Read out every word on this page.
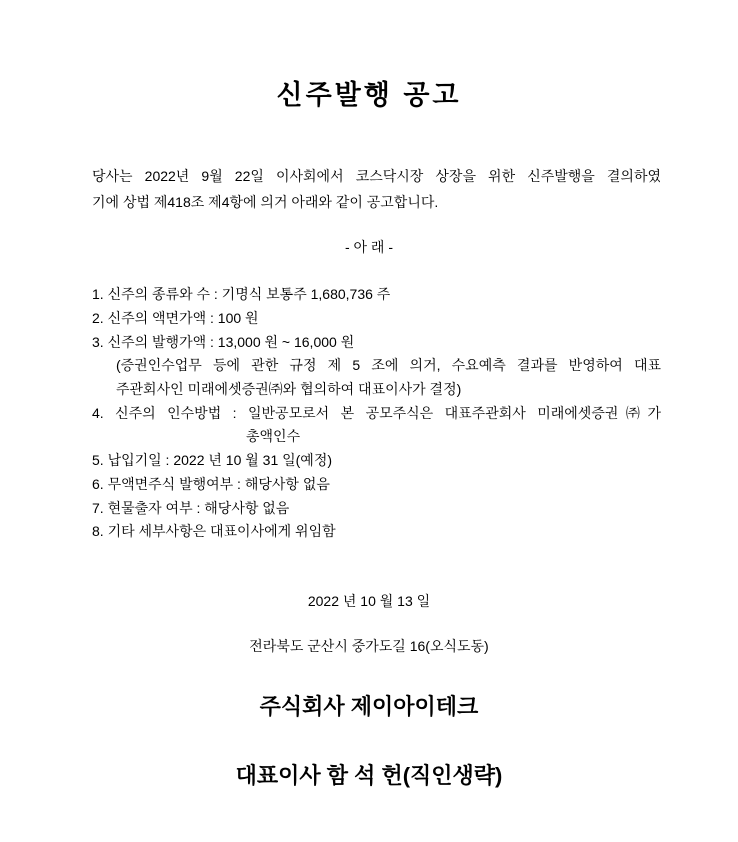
신주발행 공고
당사는 2022년 9월 22일 이사회에서 코스닥시장 상장을 위한 신주발행을 결의하였
기에 상법 제418조 제4항에 의거 아래와 같이 공고합니다.
- 아 래 -
1. 신주의 종류와 수 : 기명식 보통주 1,680,736 주
2. 신주의 액면가액 : 100 원
3. 신주의 발행가액 : 13,000 원 ~ 16,000 원
(증권인수업무 등에 관한 규정 제 5 조에 의거, 수요예측 결과를 반영하여 대표
주관회사인 미래에셋증권㈜와 협의하여 대표이사가 결정)
4. 신주의 인수방법 : 일반공모로서 본 공모주식은 대표주관회사 미래에셋증권㈜가
총액인수
5. 납입기일 : 2022 년 10 월 31 일(예정)
6. 무액면주식 발행여부 : 해당사항 없음
7. 현물출자 여부 : 해당사항 없음
8. 기타 세부사항은 대표이사에게 위임함
2022 년 10 월 13 일
전라북도 군산시 중가도길 16(오식도동)
주식회사 제이아이테크
대표이사 함 석 헌(직인생략)
